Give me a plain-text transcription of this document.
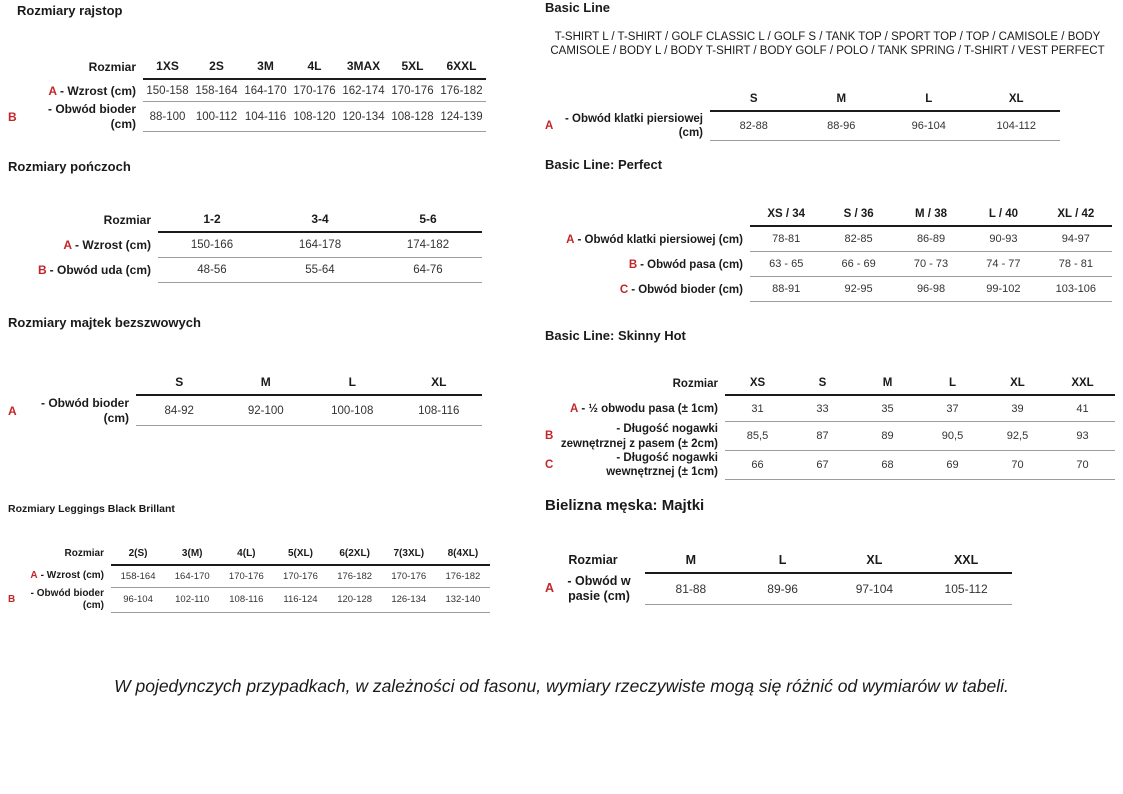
Rozmiary rajstop
Rozmiar	1XS	2S	3M	4L	3MAX	5XL	6XXL
A - Wzrost (cm) 150-158 158-164 164-170 170-176 162-174 170-176 176-182
B
- Obwód bioder (cm)
88-100 100-112 104-116 108-120 120-134 108-128 124-139
Rozmiary pończoch
Rozmiar	1-2	3-4	5-6
A - Wzrost (cm)	150-166	164-178	174-182
B - Obwód uda (cm)	48-56	55-64	64-76
Rozmiary majtek bezszwowych
S	M	L	XL
A
- Obwód bioder (cm)
84-92	92-100	100-108	108-116
Rozmiary Leggings Black Brillant
Rozmiar	2(S)	3(M)	4(L)	5(XL)	6(2XL)	7(3XL)	8(4XL)
A - Wzrost (cm)	158-164	164-170	170-176	170-176	176-182	170-176	176-182
B
- Obwód bioder (cm)
96-104	102-110	108-116	116-124	120-128	126-134	132-140
Basic Line

T-SHIRT L / T-SHIRT / GOLF CLASSIC L / GOLF S / TANK TOP / SPORT TOP / TOP / CAMISOLE / BODY CAMISOLE / BODY L / BODY T-SHIRT / BODY GOLF / POLO / TANK SPRING / T-SHIRT / VEST PERFECT

S	M	L	XL
A
- Obwód klatki piersiowej (cm)
82-88	88-96	96-104	104-112
Basic Line: Perfect
XS / 34	S / 36	M / 38	L / 40	XL / 42
A - Obwód klatki piersiowej (cm)	78-81	82-85	86-89	90-93	94-97
B - Obwód pasa (cm)	63 - 65	66 - 69	70 - 73	74 - 77	78 - 81
C - Obwód bioder (cm)	88-91	92-95	96-98	99-102	103-106
Basic Line: Skinny Hot
Rozmiar	XS	S	M	L	XL	XXL
A - ½ obwodu pasa (± 1cm)	31	33	35	37	39	41
B
- Długość nogawki zewnętrznej z pasem (± 2cm)
85,5	87	89	90,5	92,5	93
C
- Długość nogawki wewnętrznej (± 1cm)
66	67	68	69	70	70
Bielizna męska: Majtki
Rozmiar	M	L	XL	XXL
A
- Obwód w pasie (cm)
81-88	89-96	97-104	105-112

W pojedynczych przypadkach, w zależności od fasonu, wymiary rzeczywiste mogą się różnić od wymiarów w tabeli.
